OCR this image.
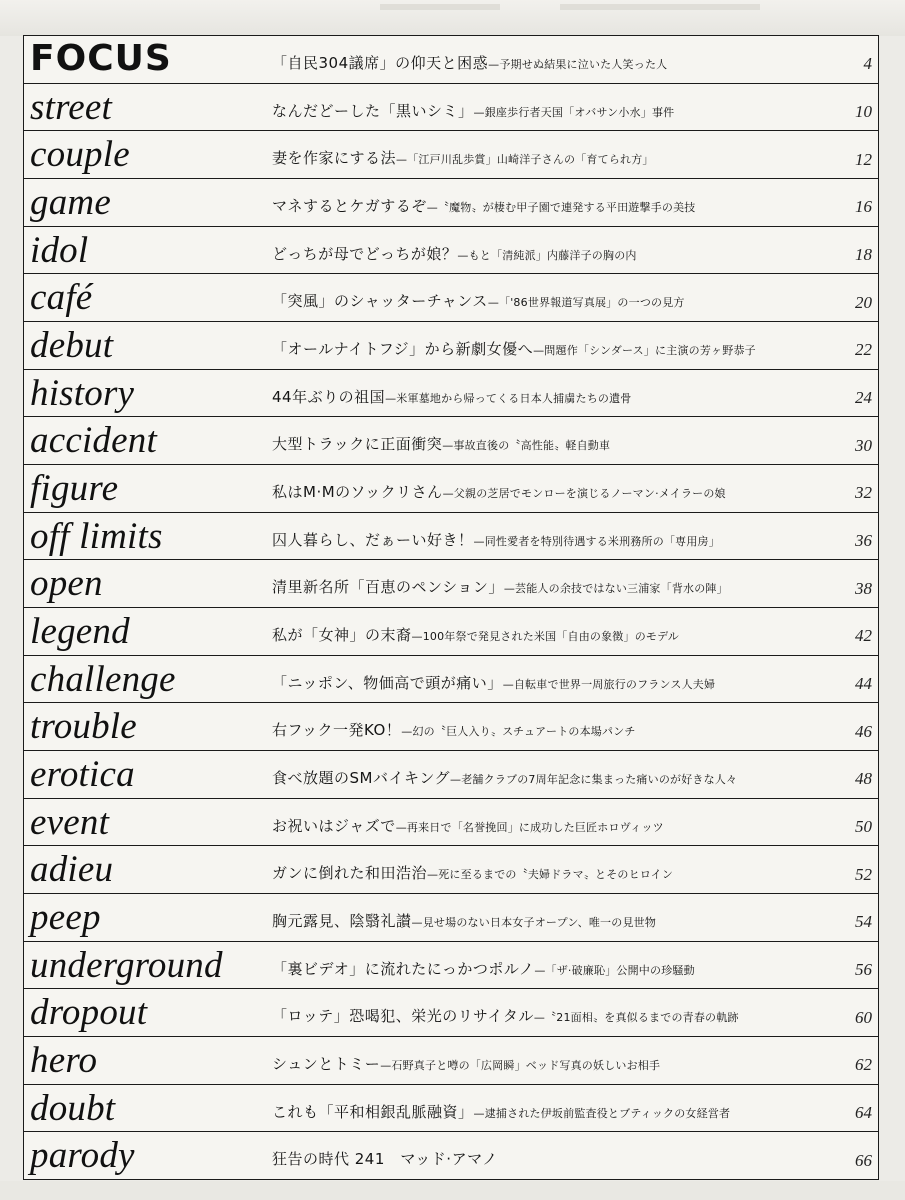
FOCUS	「自民304議席」の仰天と困惑—予期せぬ結果に泣いた人笑った人	4
street	なんだどーした「黒いシミ」—銀座歩行者天国「オバサン小水」事件	10
couple	妻を作家にする法—「江戸川乱歩賞」山崎洋子さんの「育てられ方」	12
game	マネするとケガするぞ—〝魔物〟が棲む甲子園で連発する平田遊撃手の美技	16
idol	どっちが母でどっちが娘？—もと「清純派」内藤洋子の胸の内	18
café	「突風」のシャッターチャンス—「'86世界報道写真展」の一つの見方	20
debut	「オールナイトフジ」から新劇女優へ—問題作「シンダース」に主演の芳ヶ野恭子	22
history	44年ぶりの祖国—米軍墓地から帰ってくる日本人捕虜たちの遺骨	24
accident	大型トラックに正面衝突—事故直後の〝高性能〟軽自動車	30
figure	私はM·Mのソックリさん—父親の芝居でモンローを演じるノーマン·メイラーの娘	32
off limits	囚人暮らし、だぁーい好き！—同性愛者を特別待遇する米刑務所の「専用房」	36
open	清里新名所「百恵のペンション」—芸能人の余技ではない三浦家「背水の陣」	38
legend	私が「女神」の末裔—100年祭で発見された米国「自由の象徴」のモデル	42
challenge	「ニッポン、物価高で頭が痛い」—自転車で世界一周旅行のフランス人夫婦	44
trouble	右フック一発KO！—幻の〝巨人入り〟スチュアートの本場パンチ	46
erotica	食べ放題のSMバイキング—老舗クラブの7周年記念に集まった痛いのが好きな人々	48
event	お祝いはジャズで—再来日で「名誉挽回」に成功した巨匠ホロヴィッツ	50
adieu	ガンに倒れた和田浩治—死に至るまでの〝夫婦ドラマ〟とそのヒロイン	52
peep	胸元露見、陰翳礼讃—見せ場のない日本女子オープン、唯一の見世物	54
underground	「裏ビデオ」に流れたにっかつポルノ—「ザ·破廉恥」公開中の珍騒動	56
dropout	「ロッテ」恐喝犯、栄光のリサイタル—〝21面相〟を真似るまでの青春の軌跡	60
hero	シュンとトミー—石野真子と噂の「広岡瞬」ベッド写真の妖しいお相手	62
doubt	これも「平和相銀乱脈融資」—逮捕された伊坂前監査役とブティックの女経営者	64
parody	狂告の時代 241　マッド·アマノ	66
